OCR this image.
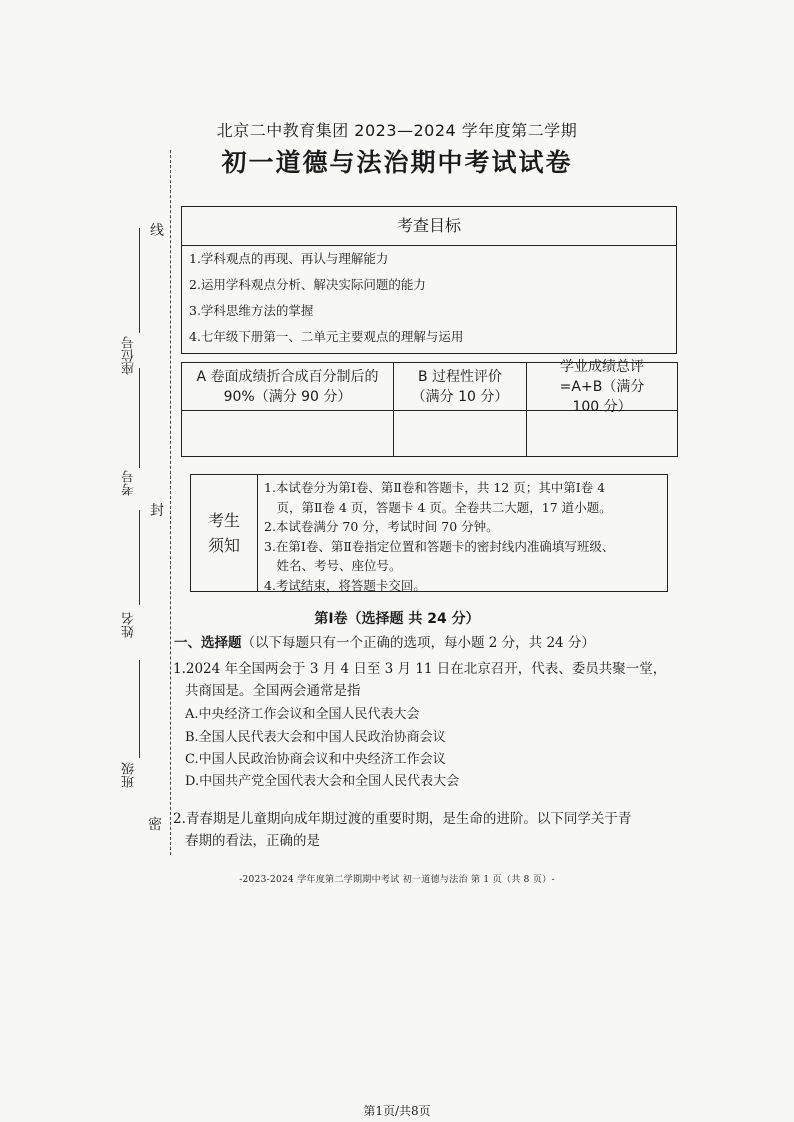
北京二中教育集团 2023—2024 学年度第二学期
初一道德与法治期中考试试卷
线
封
密
座位号
考号
姓名
班级
考查目标
1.学科观点的再现、再认与理解能力
2.运用学科观点分析、解决实际问题的能力
3.学科思维方法的掌握
4.七年级下册第一、二单元主要观点的理解与运用
A 卷面成绩折合成百分制后的 90%（满分 90 分）
B 过程性评价（满分 10 分）
学业成绩总评=A+B（满分 100 分）
考生
须知
1.本试卷分为第Ⅰ卷、第Ⅱ卷和答题卡，共 12 页；其中第Ⅰ卷 4
　页，第Ⅱ卷 4 页，答题卡 4 页。全卷共二大题，17 道小题。
2.本试卷满分 70 分，考试时间 70 分钟。
3.在第Ⅰ卷、第Ⅱ卷指定位置和答题卡的密封线内准确填写班级、
　姓名、考号、座位号。
4.考试结束，将答题卡交回。
第Ⅰ卷（选择题 共 24 分）
一、选择题（以下每题只有一个正确的选项，每小题 2 分，共 24 分）
1.2024 年全国两会于 3 月 4 日至 3 月 11 日在北京召开，代表、委员共聚一堂，
共商国是。全国两会通常是指
A.中央经济工作会议和全国人民代表大会
B.全国人民代表大会和中国人民政治协商会议
C.中国人民政治协商会议和中央经济工作会议
D.中国共产党全国代表大会和全国人民代表大会
2.青春期是儿童期向成年期过渡的重要时期，是生命的进阶。以下同学关于青
春期的看法，正确的是
-2023-2024 学年度第二学期期中考试 初一道德与法治 第 1 页（共 8 页）-
第1页/共8页
